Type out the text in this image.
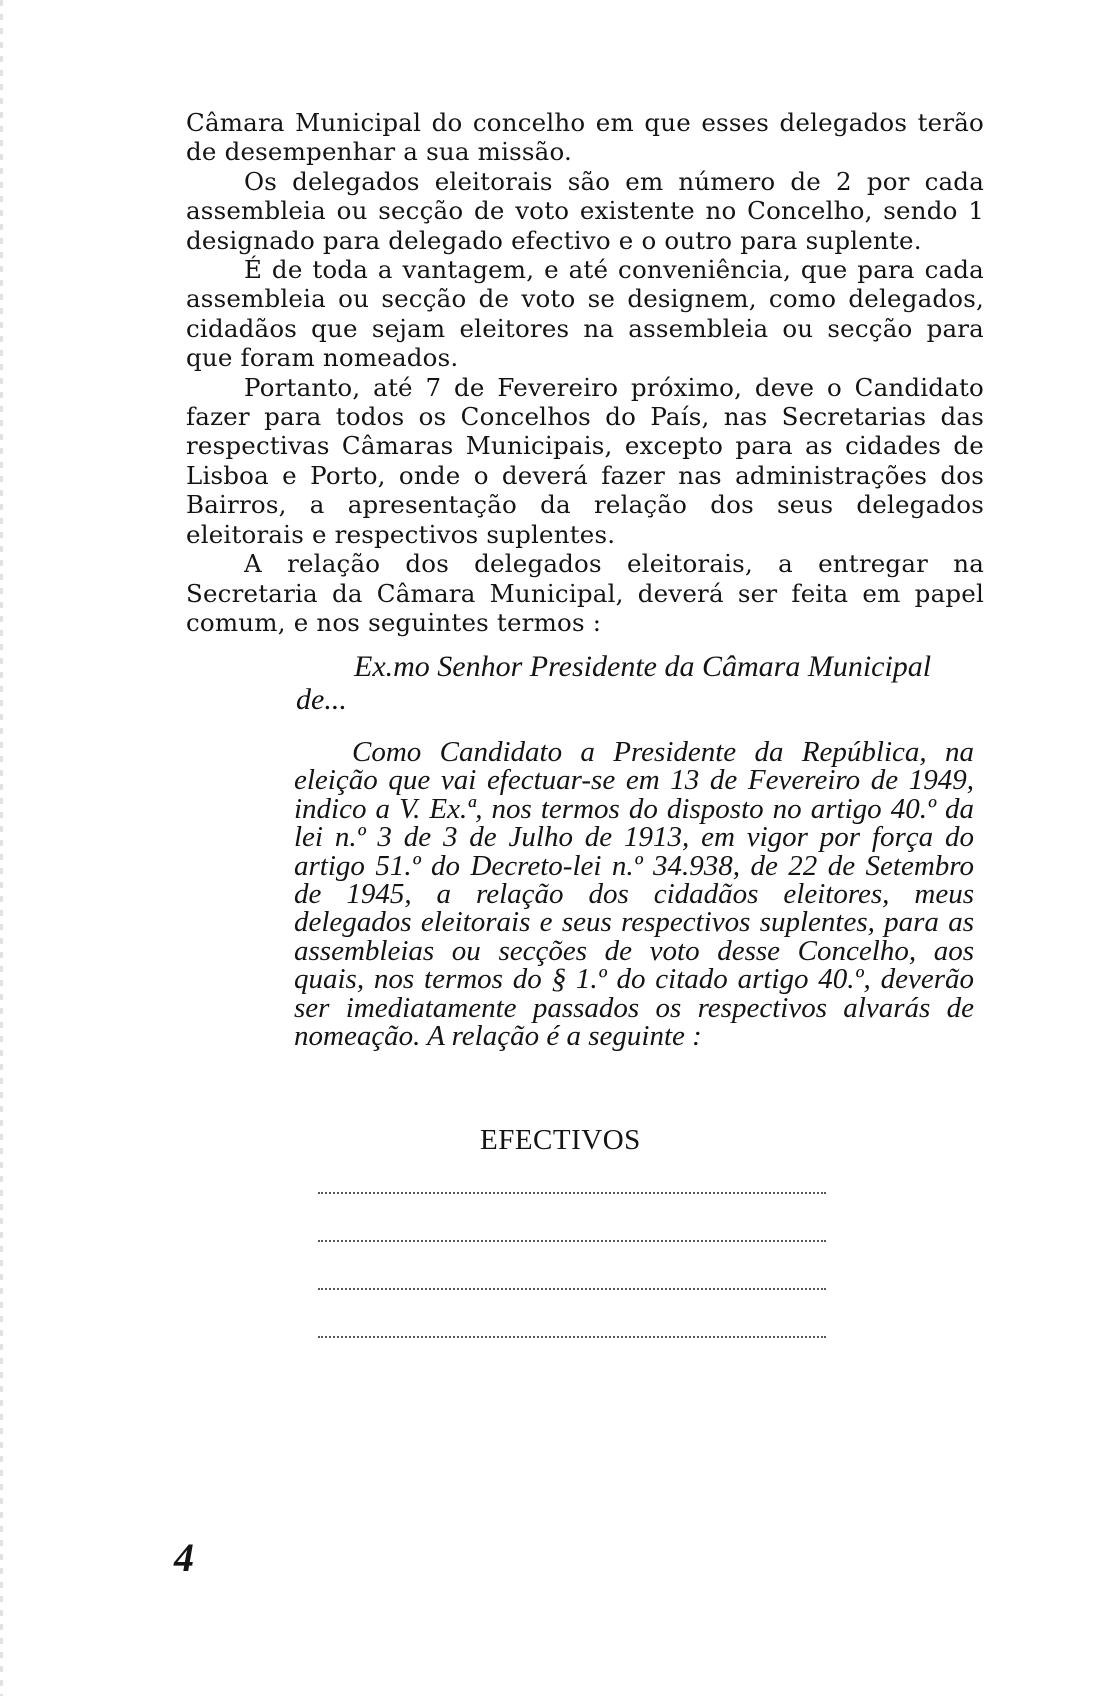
Câmara Municipal do concelho em que esses delegados terão de desempenhar a sua missão.

Os delegados eleitorais são em número de 2 por cada assembleia ou secção de voto existente no Concelho, sendo 1 designado para delegado efectivo e o outro para suplente.

É de toda a vantagem, e até conveniência, que para cada assembleia ou secção de voto se designem, como delegados, cidadãos que sejam eleitores na assembleia ou secção para que foram nomeados.

Portanto, até 7 de Fevereiro próximo, deve o Candidato fazer para todos os Concelhos do País, nas Secretarias das respectivas Câmaras Municipais, excepto para as cidades de Lisboa e Porto, onde o deverá fazer nas administrações dos Bairros, a apresentação da relação dos seus delegados eleitorais e respectivos suplentes.

A relação dos delegados eleitorais, a entregar na Secretaria da Câmara Municipal, deverá ser feita em papel comum, e nos seguintes termos :

Ex.mo Senhor Presidente da Câmara Municipal
de...

Como Candidato a Presidente da República, na eleição que vai efectuar-se em 13 de Fevereiro de 1949, indico a V. Ex.ª, nos termos do disposto no artigo 40.º da lei n.º 3 de 3 de Julho de 1913, em vigor por força do artigo 51.º do Decreto-lei n.º 34.938, de 22 de Setembro de 1945, a relação dos cidadãos eleitores, meus delegados eleitorais e seus respectivos suplentes, para as assembleias ou secções de voto desse Concelho, aos quais, nos termos do § 1.º do citado artigo 40.º, deverão ser imediatamente passados os respectivos alvarás de nomeação. A relação é a seguinte :

EFECTIVOS
4
